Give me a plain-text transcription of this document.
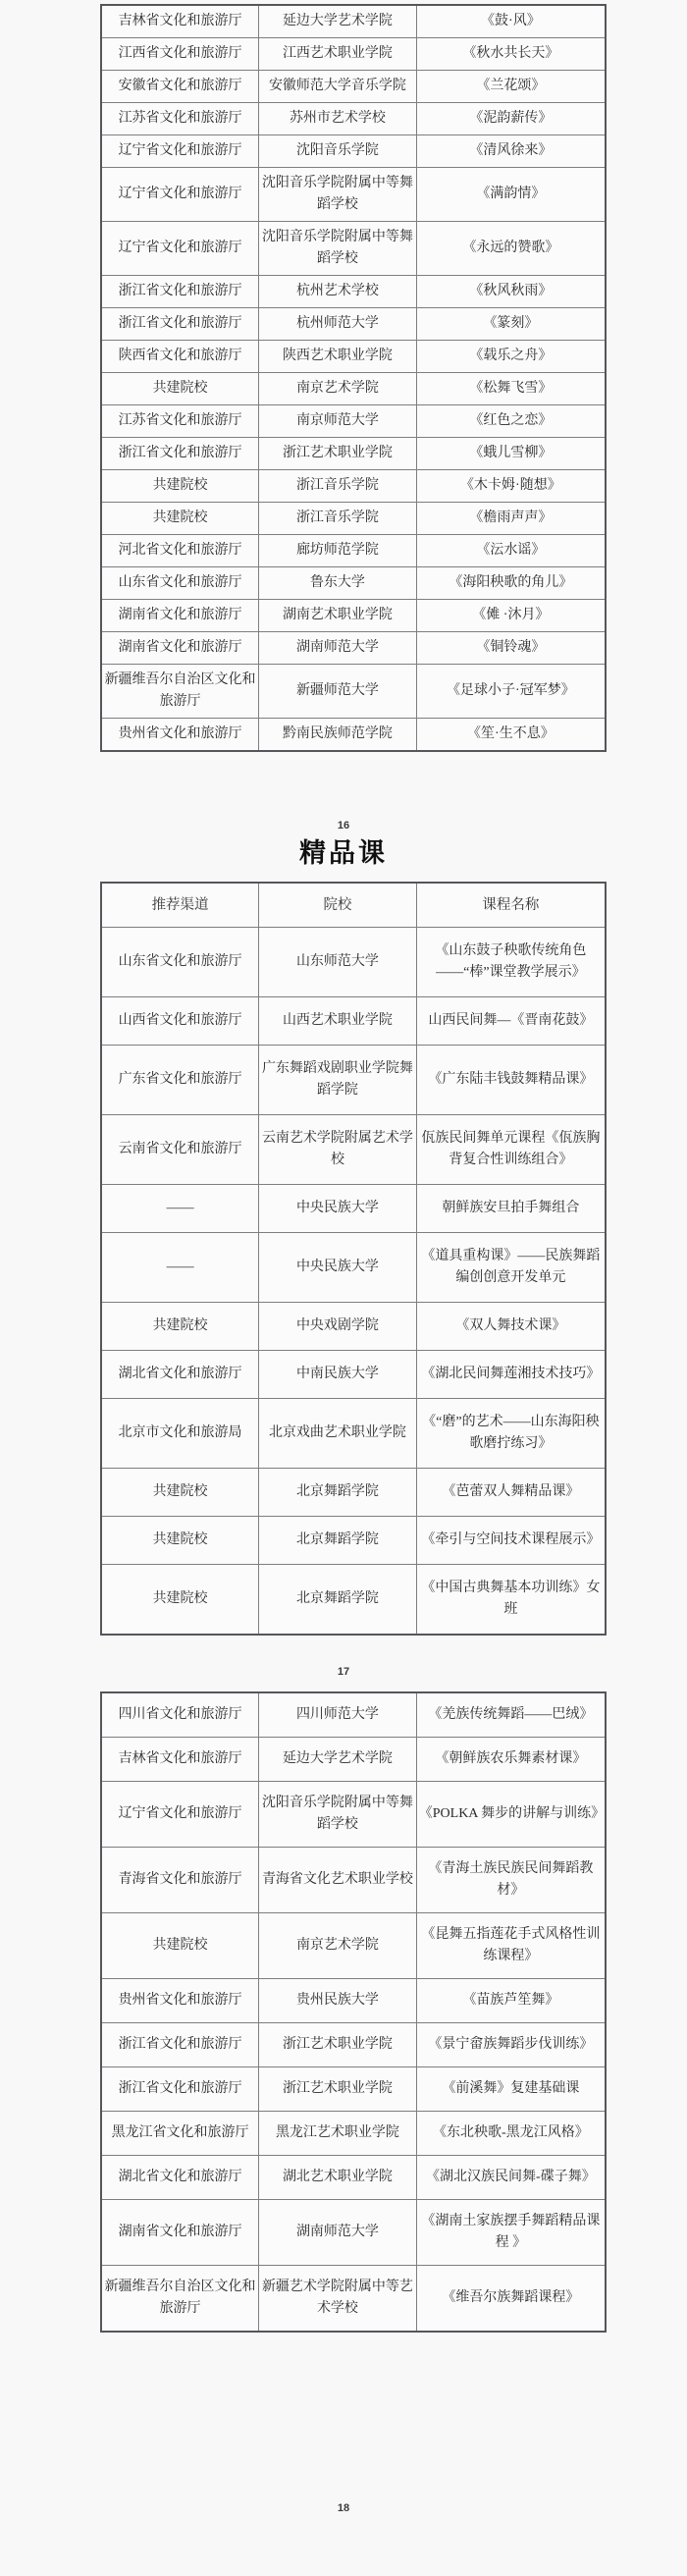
吉林省文化和旅游厅	延边大学艺术学院	《鼓·风》
江西省文化和旅游厅	江西艺术职业学院	《秋水共长天》
安徽省文化和旅游厅	安徽师范大学音乐学院	《兰花颂》
江苏省文化和旅游厅	苏州市艺术学校	《泥韵薪传》
辽宁省文化和旅游厅	沈阳音乐学院	《清风徐来》
辽宁省文化和旅游厅	沈阳音乐学院附属中等舞蹈学校	《满韵情》
辽宁省文化和旅游厅	沈阳音乐学院附属中等舞蹈学校	《永远的赞歌》
浙江省文化和旅游厅	杭州艺术学校	《秋风秋雨》
浙江省文化和旅游厅	杭州师范大学	《篆刻》
陕西省文化和旅游厅	陕西艺术职业学院	《载乐之舟》
共建院校	南京艺术学院	《松舞飞雪》
江苏省文化和旅游厅	南京师范大学	《红色之恋》
浙江省文化和旅游厅	浙江艺术职业学院	《蛾儿雪柳》
共建院校	浙江音乐学院	《木卡姆·随想》
共建院校	浙江音乐学院	《檐雨声声》
河北省文化和旅游厅	廊坊师范学院	《沄水谣》
山东省文化和旅游厅	鲁东大学	《海阳秧歌的角儿》
湖南省文化和旅游厅	湖南艺术职业学院	《傩 ·沐月》
湖南省文化和旅游厅	湖南师范大学	《铜铃魂》
新疆维吾尔自治区文化和旅游厅	新疆师范大学	《足球小子·冠军梦》
贵州省文化和旅游厅	黔南民族师范学院	《笙·生不息》
16
精品课
推荐渠道	院校	课程名称
山东省文化和旅游厅	山东师范大学	《山东鼓子秧歌传统角色——“棒”课堂教学展示》
山西省文化和旅游厅	山西艺术职业学院	山西民间舞—《晋南花鼓》
广东省文化和旅游厅	广东舞蹈戏剧职业学院舞蹈学院	《广东陆丰钱鼓舞精品课》
云南省文化和旅游厅	云南艺术学院附属艺术学校	佤族民间舞单元课程《佤族胸背复合性训练组合》
——	中央民族大学	朝鲜族安旦拍手舞组合
——	中央民族大学	《道具重构课》——民族舞蹈编创创意开发单元
共建院校	中央戏剧学院	《双人舞技术课》
湖北省文化和旅游厅	中南民族大学	《湖北民间舞莲湘技术技巧》
北京市文化和旅游局	北京戏曲艺术职业学院	《“磨”的艺术——山东海阳秧歌磨拧练习》
共建院校	北京舞蹈学院	《芭蕾双人舞精品课》
共建院校	北京舞蹈学院	《牵引与空间技术课程展示》
共建院校	北京舞蹈学院	《中国古典舞基本功训练》女班
17
四川省文化和旅游厅	四川师范大学	《羌族传统舞蹈——巴绒》
吉林省文化和旅游厅	延边大学艺术学院	《朝鲜族农乐舞素材课》
辽宁省文化和旅游厅	沈阳音乐学院附属中等舞蹈学校	《POLKA 舞步的讲解与训练》
青海省文化和旅游厅	青海省文化艺术职业学校	《青海土族民族民间舞蹈教材》
共建院校	南京艺术学院	《昆舞五指莲花手式风格性训练课程》
贵州省文化和旅游厅	贵州民族大学	《苗族芦笙舞》
浙江省文化和旅游厅	浙江艺术职业学院	《景宁畲族舞蹈步伐训练》
浙江省文化和旅游厅	浙江艺术职业学院	《前溪舞》复建基础课
黑龙江省文化和旅游厅	黑龙江艺术职业学院	《东北秧歌-黑龙江风格》
湖北省文化和旅游厅	湖北艺术职业学院	《湖北汉族民间舞-碟子舞》
湖南省文化和旅游厅	湖南师范大学	《湖南土家族摆手舞蹈精品课程 》
新疆维吾尔自治区文化和旅游厅	新疆艺术学院附属中等艺术学校	《维吾尔族舞蹈课程》
18
